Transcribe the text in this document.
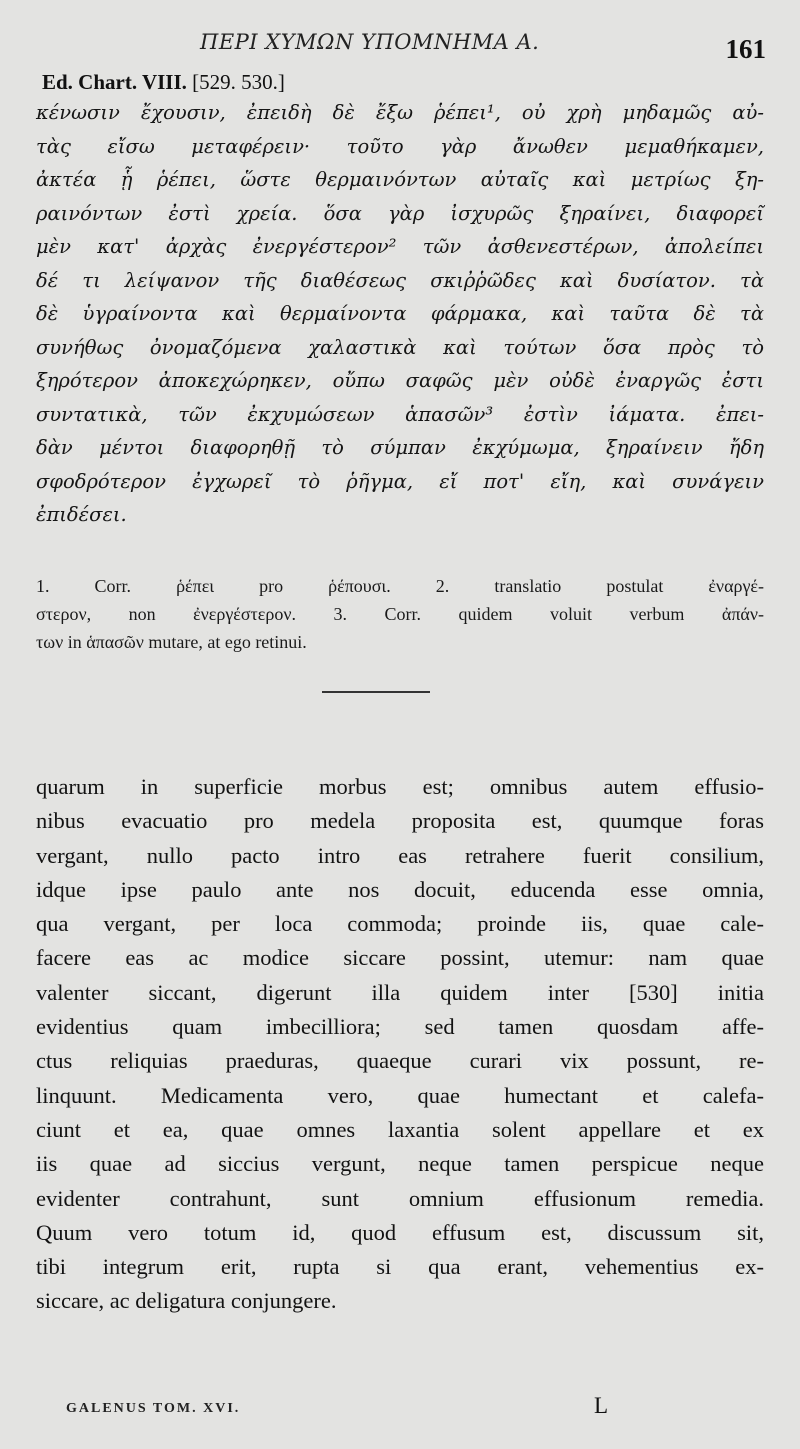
ΠΕΡΙ ΧΥΜΩΝ ΥΠΟΜΝΗΜΑ Α.	161
Ed. Chart. VIII. [529. 530.]
κένωσιν ἔχουσιν, ἐπειδὴ δὲ ἔξω ῥέπει¹, οὐ χρὴ μηδαμῶς αὐ-
τὰς εἴσω μεταφέρειν· τοῦτο γὰρ ἄνωθεν μεμαθήκαμεν,
ἀκτέα ᾗ ῥέπει, ὥστε θερμαινόντων αὐταῖς καὶ μετρίως ξη-
ραινόντων ἐστὶ χρεία. ὅσα γὰρ ἰσχυρῶς ξηραίνει, διαφορεῖ
μὲν κατ' ἀρχὰς ἐνεργέστερον² τῶν ἀσθενεστέρων, ἀπολείπει
δέ τι λείψανον τῆς διαθέσεως σκιῤῥῶδες καὶ δυσίατον. τὰ
δὲ ὑγραίνοντα καὶ θερμαίνοντα φάρμακα, καὶ ταῦτα δὲ τὰ
συνήθως ὀνομαζόμενα χαλαστικὰ καὶ τούτων ὅσα πρὸς τὸ
ξηρότερον ἀποκεχώρηκεν, οὔπω σαφῶς μὲν οὐδὲ ἐναργῶς ἐστι
συντατικὰ, τῶν ἐκχυμώσεων ἁπασῶν³ ἐστὶν ἰάματα. ἐπει-
δὰν μέντοι διαφορηθῇ τὸ σύμπαν ἐκχύμωμα, ξηραίνειν ἤδη
σφοδρότερον ἐγχωρεῖ τὸ ῥῆγμα, εἴ ποτ' εἴη, καὶ συνάγειν
ἐπιδέσει.
1. Corr. ῥέπει pro ῥέπουσι. 2. translatio postulat ἐναργέ-
στερον, non ἐνεργέστερον. 3. Corr. quidem voluit verbum ἀπάν-
των in ἁπασῶν mutare, at ego retinui.
quarum in superficie morbus est; omnibus autem effusio-
nibus evacuatio pro medela proposita est, quumque foras
vergant, nullo pacto intro eas retrahere fuerit consilium,
idque ipse paulo ante nos docuit, educenda esse omnia,
qua vergant, per loca commoda; proinde iis, quae cale-
facere eas ac modice siccare possint, utemur: nam quae
valenter siccant, digerunt illa quidem inter [530] initia
evidentius quam imbecilliora; sed tamen quosdam affe-
ctus reliquias praeduras, quaeque curari vix possunt, re-
linquunt. Medicamenta vero, quae humectant et calefa-
ciunt et ea, quae omnes laxantia solent appellare et ex
iis quae ad siccius vergunt, neque tamen perspicue neque
evidenter contrahunt, sunt omnium effusionum remedia.
Quum vero totum id, quod effusum est, discussum sit,
tibi integrum erit, rupta si qua erant, vehementius ex-
siccare, ac deligatura conjungere.
GALENUS TOM. XVI.	L
